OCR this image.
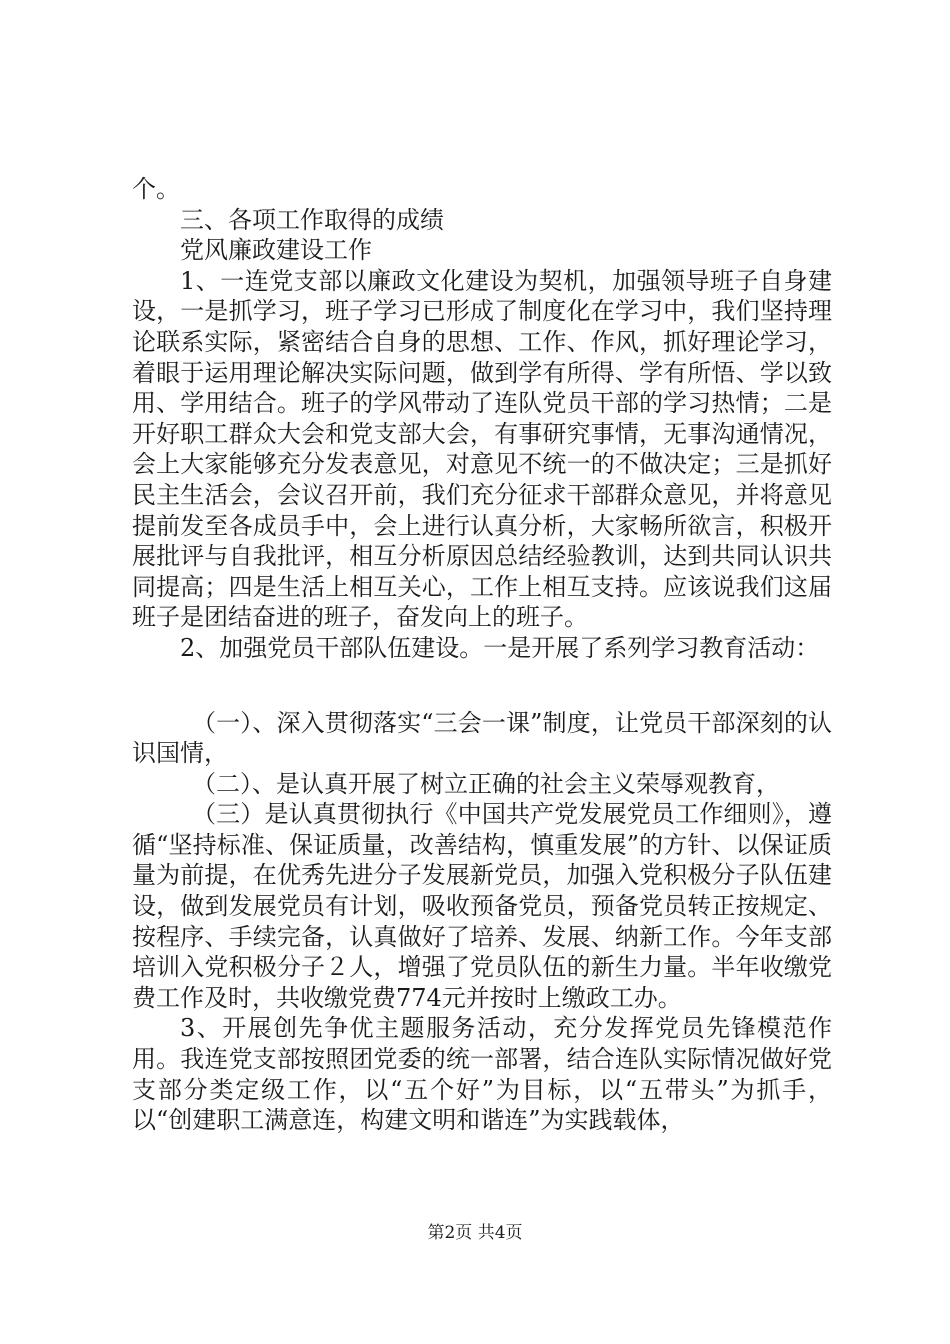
个。

三、各项工作取得的成绩

党风廉政建设工作

1、一连党支部以廉政文化建设为契机，加强领导班子自身建设，一是抓学习，班子学习已形成了制度化在学习中，我们坚持理论联系实际，紧密结合自身的思想、工作、作风，抓好理论学习，着眼于运用理论解决实际问题，做到学有所得、学有所悟、学以致用、学用结合。班子的学风带动了连队党员干部的学习热情；二是开好职工群众大会和党支部大会，有事研究事情，无事沟通情况，会上大家能够充分发表意见，对意见不统一的不做决定；三是抓好民主生活会，会议召开前，我们充分征求干部群众意见，并将意见提前发至各成员手中，会上进行认真分析，大家畅所欲言，积极开展批评与自我批评，相互分析原因总结经验教训，达到共同认识共同提高；四是生活上相互关心，工作上相互支持。应该说我们这届班子是团结奋进的班子，奋发向上的班子。

2、加强党员干部队伍建设。一是开展了系列学习教育活动：

（一）、深入贯彻落实“三会一课”制度，让党员干部深刻的认识国情，

（二）、是认真开展了树立正确的社会主义荣辱观教育，

（三）是认真贯彻执行《中国共产党发展党员工作细则》，遵循“坚持标准、保证质量，改善结构，慎重发展”的方针、以保证质量为前提，在优秀先进分子发展新党员，加强入党积极分子队伍建设，做到发展党员有计划，吸收预备党员，预备党员转正按规定、按程序、手续完备，认真做好了培养、发展、纳新工作。今年支部培训入党积极分子２人，增强了党员队伍的新生力量。半年收缴党费工作及时，共收缴党费774元并按时上缴政工办。

3、开展创先争优主题服务活动，充分发挥党员先锋模范作用。我连党支部按照团党委的统一部署，结合连队实际情况做好党支部分类定级工作，以“五个好”为目标，以“五带头”为抓手，以“创建职工满意连，构建文明和谐连”为实践载体，

第2页 共4页
